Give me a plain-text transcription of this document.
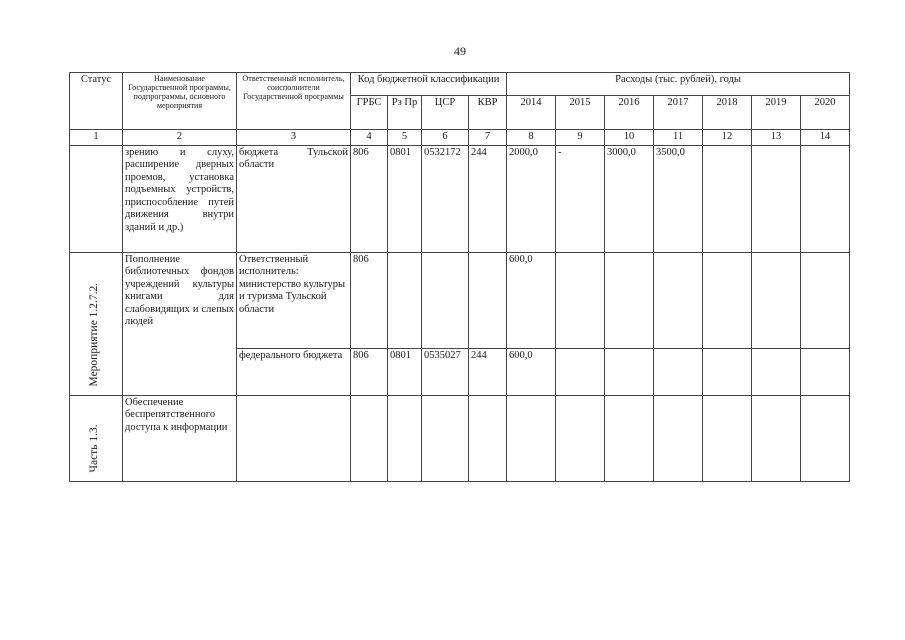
49
Статус	Наименование Государственной программы, подпрограммы, основного мероприятия	Ответственный исполнитель, соисполнители Государственной программы	Код бюджетной классификации				Расходы (тыс. рублей), годы						
			ГРБС	Рз Пр	ЦСР	КВР	2014	2015	2016	2017	2018	2019	2020
1	2	3	4	5	6	7	8	9	10	11	12	13	14
	зрению и слуху, расширение дверных проемов, установка подъемных устройств, приспособление путей движения внутри зданий и др.)	бюджета Тульской области	806	0801	0532172	244	2000,0	-	3000,0	3500,0			

Мероприятие 1.2.7.2.	Пополнение библиотечных фондов учреждений культуры книгами для слабовидящих и слепых людей	Ответственный исполнитель: министерство культуры и туризма Тульской области	806				600,0						
		федерального бюджета	806	0801	0535027	244	600,0						

Часть 1.3.	Обеспечение беспрепятственного доступа к информации												
